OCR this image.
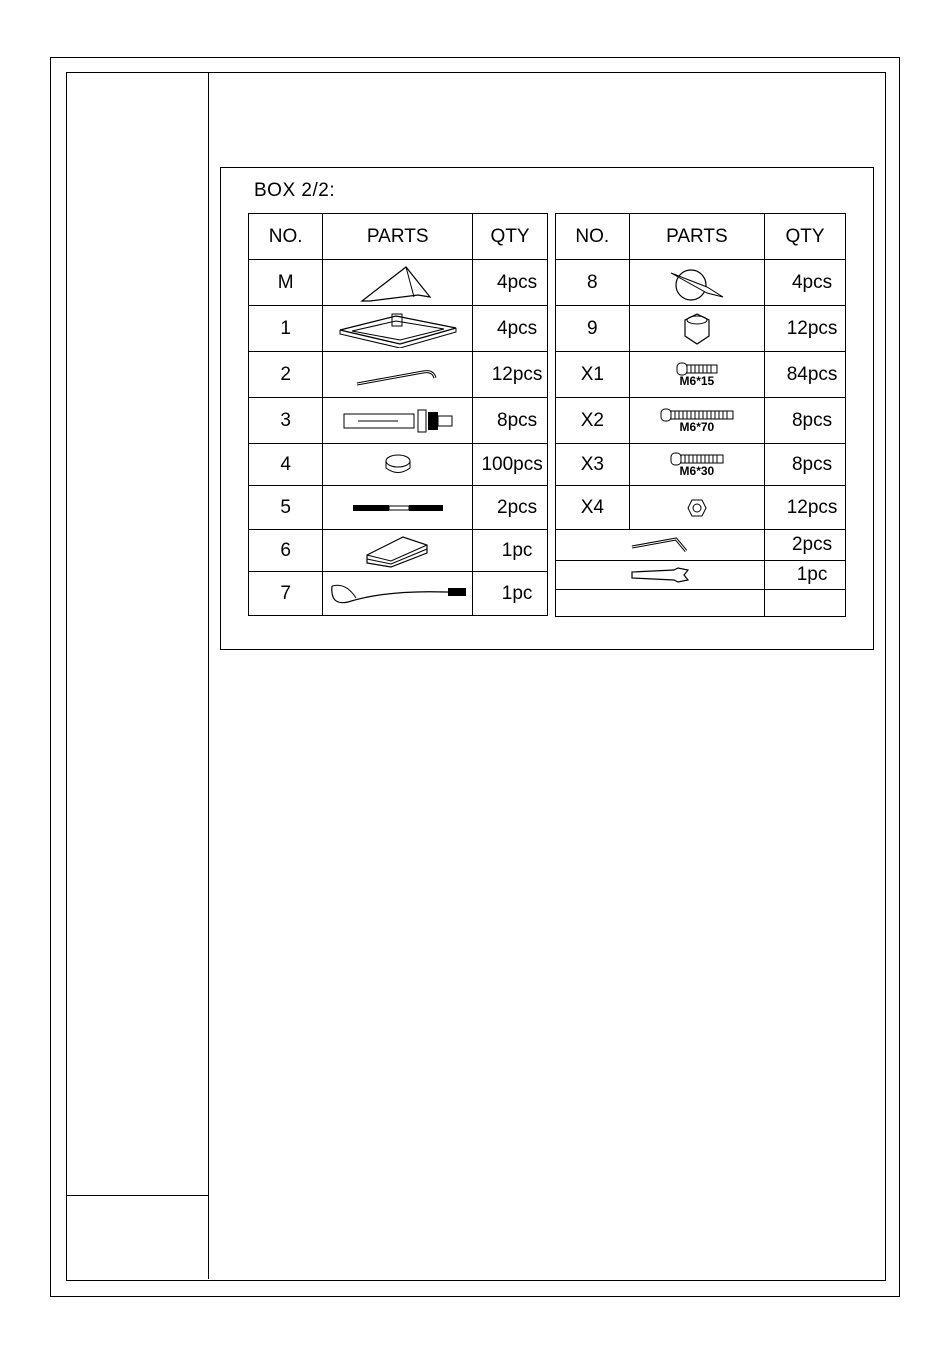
BOX 2/2:
NO.	PARTS	QTY
M		4pcs
1		4pcs
2		12pcs
3		8pcs
4		100pcs
5		2pcs
6		1pc
7		1pc
NO.	PARTS	QTY
8		4pcs
9		12pcs
X1	M6*15	84pcs
X2	M6*70	8pcs
X3	M6*30	8pcs
X4		12pcs

	2pcs

	1pc
